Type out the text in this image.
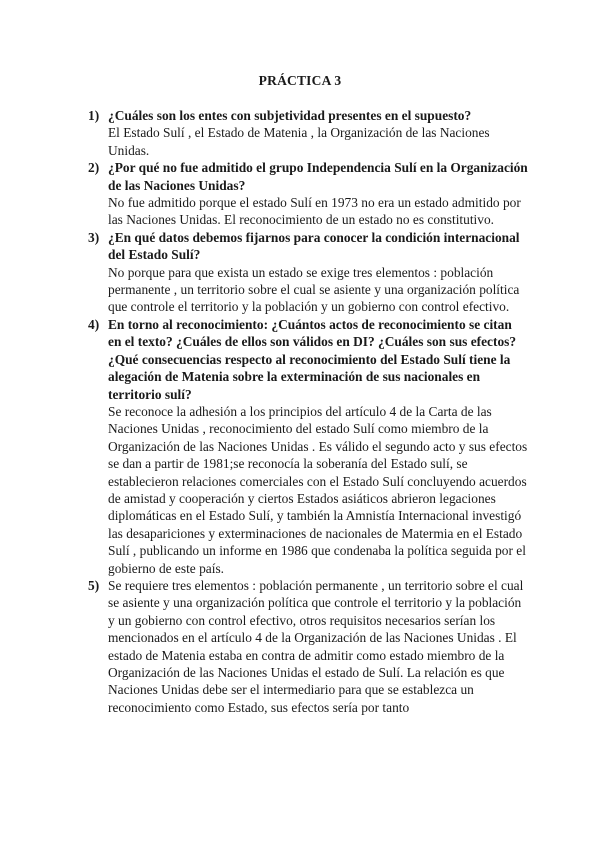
PRÁCTICA 3
1) ¿Cuáles son los entes con subjetividad presentes en el supuesto?
El Estado Sulí , el Estado de Matenia , la Organización de las Naciones Unidas.
2) ¿Por qué no fue admitido el grupo Independencia Sulí en la Organización de las Naciones Unidas?
No fue admitido porque el estado Sulí en 1973 no era un estado admitido por las Naciones Unidas. El reconocimiento de un estado no es constitutivo.
3) ¿En qué datos debemos fijarnos para conocer la condición internacional del Estado Sulí?
No porque para que exista un estado se exige tres elementos : población permanente , un territorio sobre el cual se asiente y una organización política que controle el territorio y la población y un gobierno con control efectivo.
4) En torno al reconocimiento: ¿Cuántos actos de reconocimiento se citan en el texto? ¿Cuáles de ellos son válidos en DI? ¿Cuáles son sus efectos? ¿Qué consecuencias respecto al reconocimiento del Estado Sulí tiene la alegación de Matenia sobre la exterminación de sus nacionales en territorio sulí?
Se reconoce la adhesión a los principios del artículo 4 de la Carta de las Naciones Unidas , reconocimiento del estado Sulí como miembro de la Organización de las Naciones Unidas . Es válido el segundo acto y sus efectos se dan a partir de 1981;se reconocía la soberanía del Estado sulí, se establecieron relaciones comerciales con el Estado Sulí concluyendo acuerdos de amistad y cooperación y ciertos Estados asiáticos abrieron legaciones diplomáticas en el Estado Sulí, y también la Amnistía Internacional investigó las desapariciones y exterminaciones de nacionales de Matermia en el Estado Sulí , publicando un informe en 1986 que condenaba la política seguida por el gobierno de este país.
5) Se requiere tres elementos : población permanente , un territorio sobre el cual se asiente y una organización política que controle el territorio y la población y un gobierno con control efectivo, otros requisitos necesarios serían los mencionados en el artículo 4 de la Organización de las Naciones Unidas . El estado de Matenia estaba en contra de admitir como estado miembro de la Organización de las Naciones Unidas el estado de Sulí. La relación es que Naciones Unidas debe ser el intermediario para que se establezca un reconocimiento como Estado, sus efectos sería por tanto
